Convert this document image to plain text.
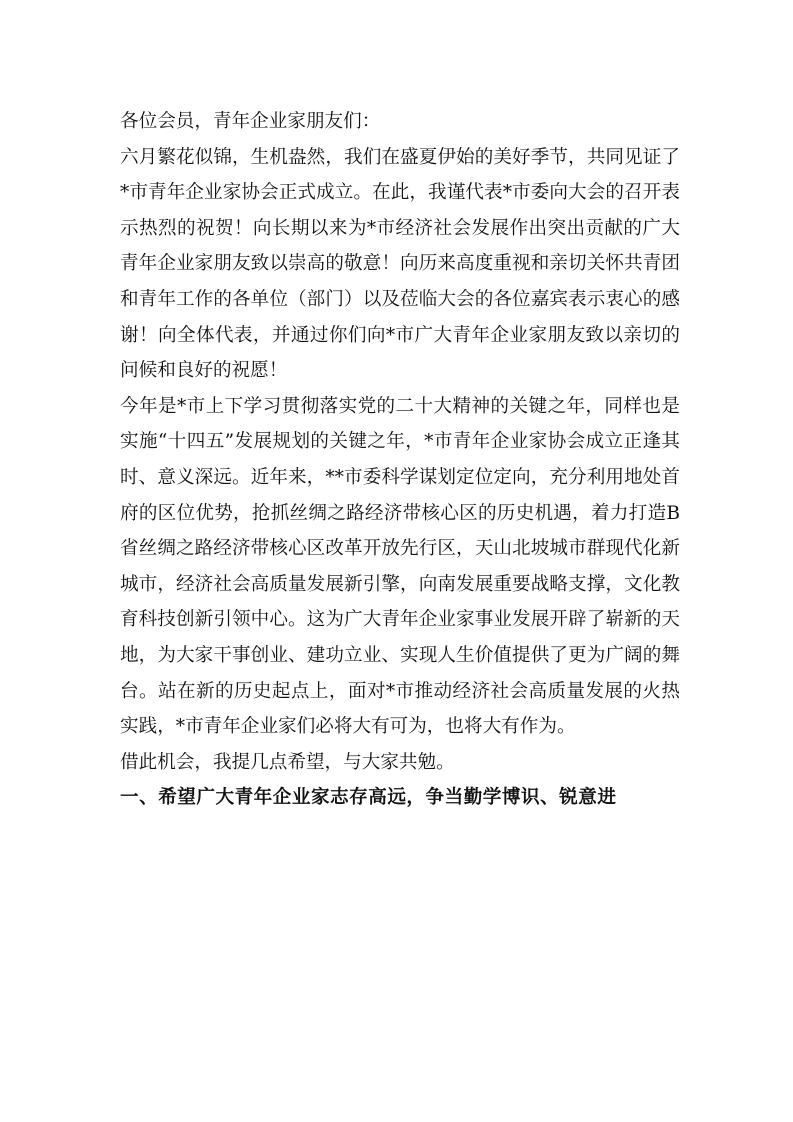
各位会员，青年企业家朋友们：

六月繁花似锦，生机盎然，我们在盛夏伊始的美好季节，共同见证了*市青年企业家协会正式成立。在此，我谨代表*市委向大会的召开表示热烈的祝贺！向长期以来为*市经济社会发展作出突出贡献的广大青年企业家朋友致以崇高的敬意！向历来高度重视和亲切关怀共青团和青年工作的各单位（部门）以及莅临大会的各位嘉宾表示衷心的感谢！向全体代表，并通过你们向*市广大青年企业家朋友致以亲切的问候和良好的祝愿！

今年是*市上下学习贯彻落实党的二十大精神的关键之年，同样也是实施“十四五”发展规划的关键之年，*市青年企业家协会成立正逢其时、意义深远。近年来，**市委科学谋划定位定向，充分利用地处首府的区位优势，抢抓丝绸之路经济带核心区的历史机遇，着力打造B省丝绸之路经济带核心区改革开放先行区，天山北坡城市群现代化新城市，经济社会高质量发展新引擎，向南发展重要战略支撑，文化教育科技创新引领中心。这为广大青年企业家事业发展开辟了崭新的天地，为大家干事创业、建功立业、实现人生价值提供了更为广阔的舞台。站在新的历史起点上，面对*市推动经济社会高质量发展的火热实践，*市青年企业家们必将大有可为，也将大有作为。

借此机会，我提几点希望，与大家共勉。

一、希望广大青年企业家志存高远，争当勤学博识、锐意进
